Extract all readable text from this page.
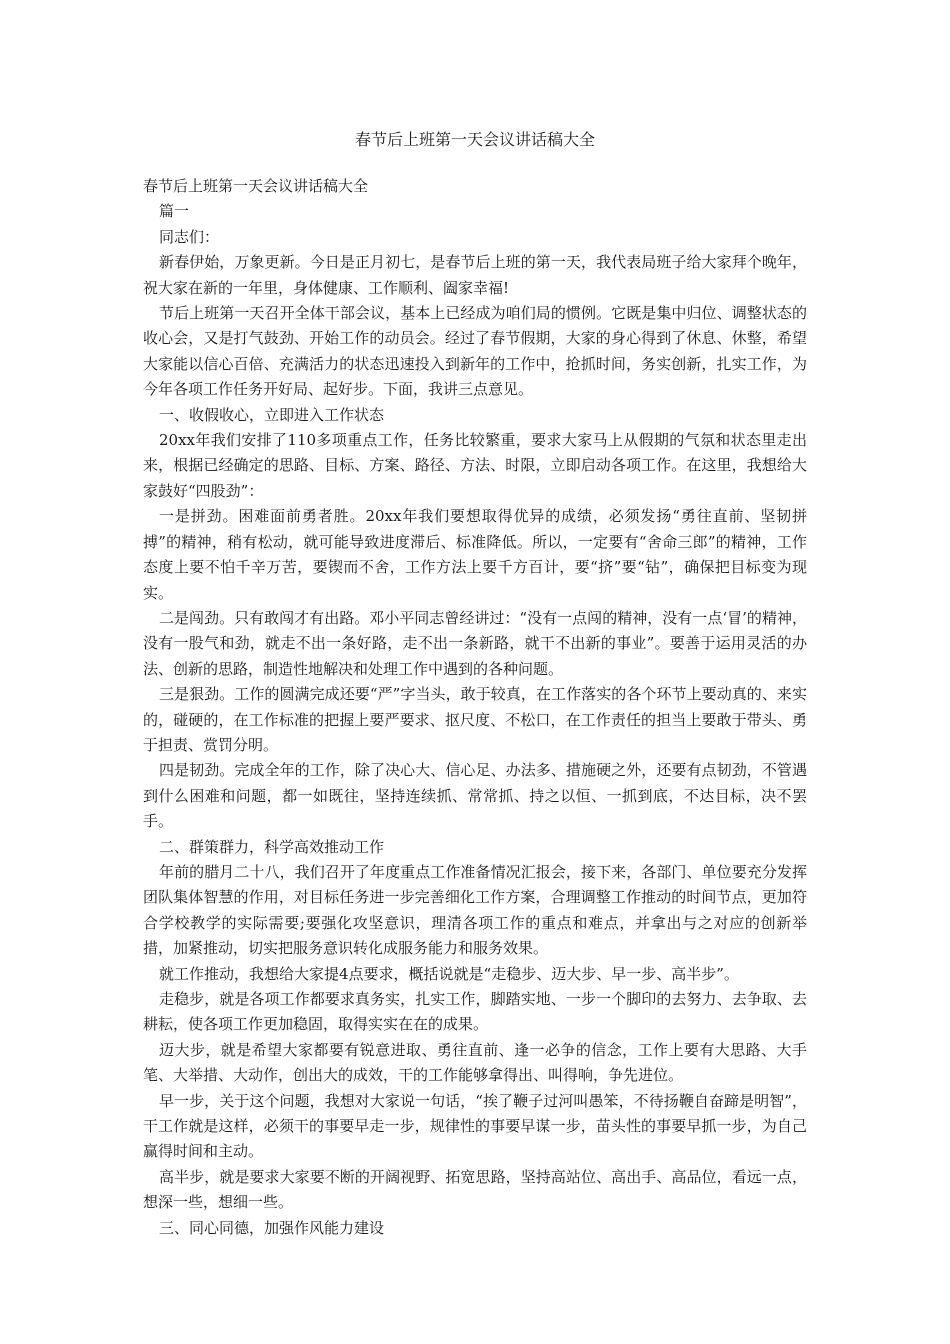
春节后上班第一天会议讲话稿大全

春节后上班第一天会议讲话稿大全

篇一

同志们：

新春伊始，万象更新。今日是正月初七，是春节后上班的第一天，我代表局班子给大家拜个晚年，祝大家在新的一年里，身体健康、工作顺利、阖家幸福!

节后上班第一天召开全体干部会议，基本上已经成为咱们局的惯例。它既是集中归位、调整状态的收心会，又是打气鼓劲、开始工作的动员会。经过了春节假期，大家的身心得到了休息、休整，希望大家能以信心百倍、充满活力的状态迅速投入到新年的工作中，抢抓时间，务实创新，扎实工作，为今年各项工作任务开好局、起好步。下面，我讲三点意见。

一、收假收心，立即进入工作状态

20xx年我们安排了110多项重点工作，任务比较繁重，要求大家马上从假期的气氛和状态里走出来，根据已经确定的思路、目标、方案、路径、方法、时限，立即启动各项工作。在这里，我想给大家鼓好“四股劲”：

一是拼劲。困难面前勇者胜。20xx年我们要想取得优异的成绩，必须发扬“勇往直前、坚韧拼搏”的精神，稍有松动，就可能导致进度滞后、标准降低。所以，一定要有“舍命三郎”的精神，工作态度上要不怕千辛万苦，要锲而不舍，工作方法上要千方百计，要“挤”要“钻”，确保把目标变为现实。

二是闯劲。只有敢闯才有出路。邓小平同志曾经讲过：“没有一点闯的精神，没有一点‘冒’的精神，没有一股气和劲，就走不出一条好路，走不出一条新路，就干不出新的事业”。要善于运用灵活的办法、创新的思路，制造性地解决和处理工作中遇到的各种问题。

三是狠劲。工作的圆满完成还要“严”字当头，敢于较真，在工作落实的各个环节上要动真的、来实的，碰硬的，在工作标准的把握上要严要求、抠尺度、不松口，在工作责任的担当上要敢于带头、勇于担责、赏罚分明。

四是韧劲。完成全年的工作，除了决心大、信心足、办法多、措施硬之外，还要有点韧劲，不管遇到什么困难和问题，都一如既往，坚持连续抓、常常抓、持之以恒、一抓到底，不达目标，决不罢手。

二、群策群力，科学高效推动工作

年前的腊月二十八，我们召开了年度重点工作准备情况汇报会，接下来，各部门、单位要充分发挥团队集体智慧的作用，对目标任务进一步完善细化工作方案，合理调整工作推动的时间节点，更加符合学校教学的实际需要;要强化攻坚意识，理清各项工作的重点和难点，并拿出与之对应的创新举措，加紧推动，切实把服务意识转化成服务能力和服务效果。

就工作推动，我想给大家提4点要求，概括说就是“走稳步、迈大步、早一步、高半步”。

走稳步，就是各项工作都要求真务实，扎实工作，脚踏实地、一步一个脚印的去努力、去争取、去耕耘，使各项工作更加稳固，取得实实在在的成果。

迈大步，就是希望大家都要有锐意进取、勇往直前、逢一必争的信念，工作上要有大思路、大手笔、大举措、大动作，创出大的成效，干的工作能够拿得出、叫得响，争先进位。

早一步，关于这个问题，我想对大家说一句话，“挨了鞭子过河叫愚笨，不待扬鞭自奋蹄是明智”，干工作就是这样，必须干的事要早走一步，规律性的事要早谋一步，苗头性的事要早抓一步，为自己赢得时间和主动。

高半步，就是要求大家要不断的开阔视野、拓宽思路，坚持高站位、高出手、高品位，看远一点，想深一些，想细一些。

三、同心同德，加强作风能力建设
